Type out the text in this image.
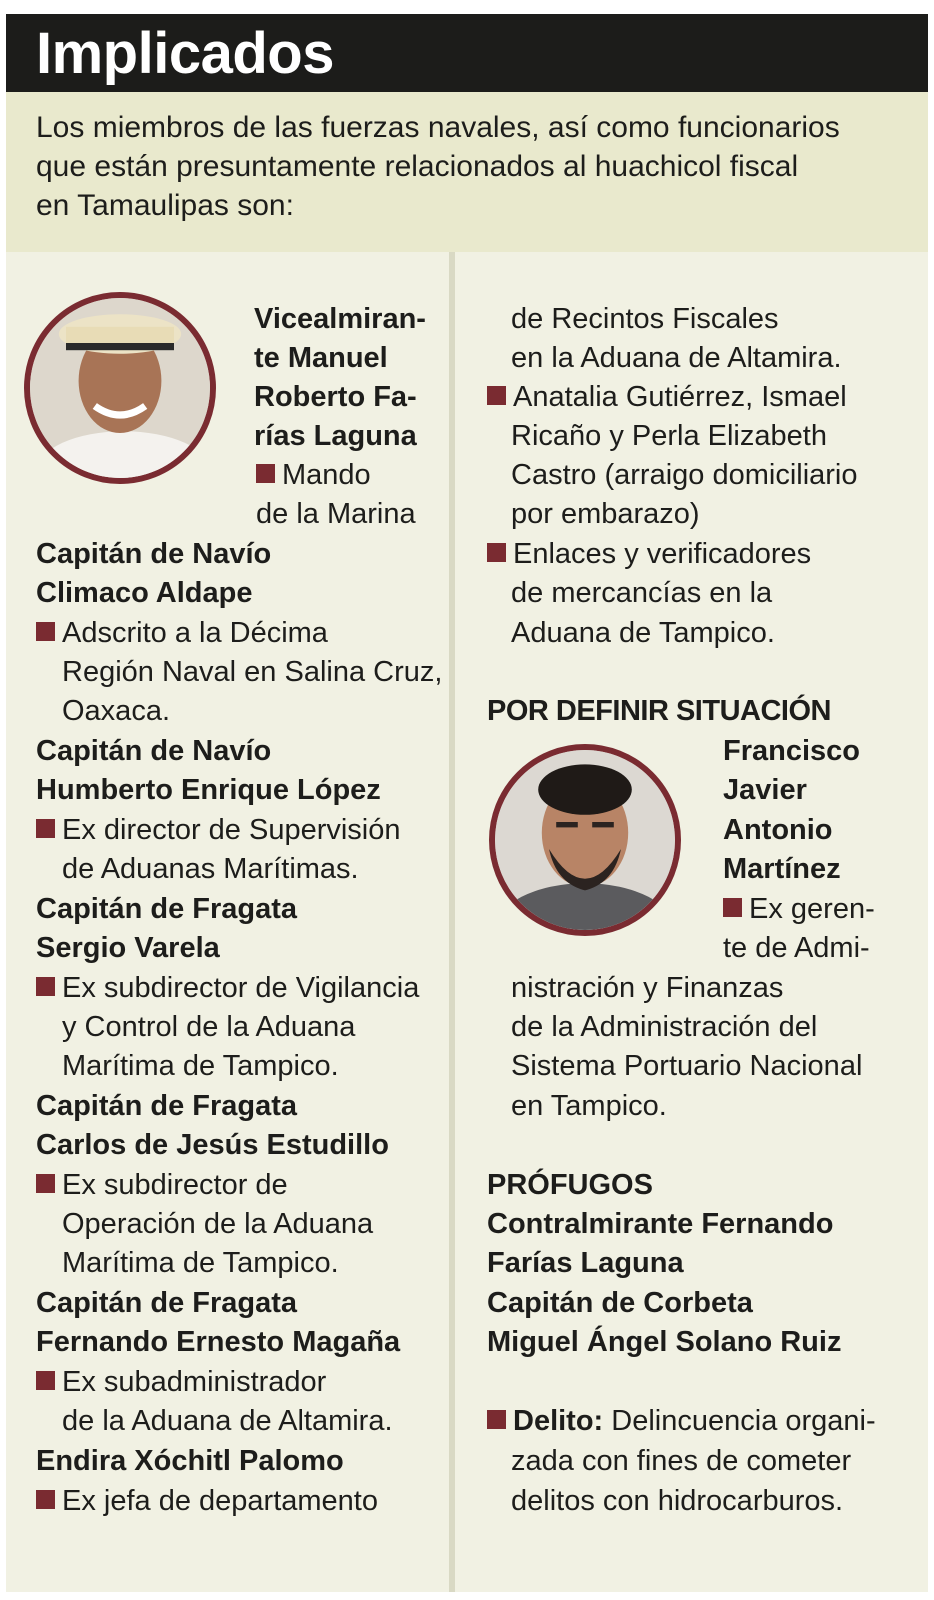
Implicados
Los miembros de las fuerzas navales, así como funcionarios
que están presuntamente relacionados al huachicol fiscal
en Tamaulipas son:
Vicealmiran-
te Manuel
Roberto Fa-
rías Laguna
Mando
de la Marina
Capitán de Navío
Climaco Aldape
Adscrito a la Décima
Región Naval en Salina Cruz,
Oaxaca.
Capitán de Navío
Humberto Enrique López
Ex director de Supervisión
de Aduanas Marítimas.
Capitán de Fragata
Sergio Varela
Ex subdirector de Vigilancia
y Control de la Aduana
Marítima de Tampico.
Capitán de Fragata
Carlos de Jesús Estudillo
Ex subdirector de
Operación de la Aduana
Marítima de Tampico.
Capitán de Fragata
Fernando Ernesto Magaña
Ex subadministrador
de la Aduana de Altamira.
Endira Xóchitl Palomo
Ex jefa de departamento
de Recintos Fiscales
en la Aduana de Altamira.
Anatalia Gutiérrez, Ismael
Ricaño y Perla Elizabeth
Castro (arraigo domiciliario
por embarazo)
Enlaces y verificadores
de mercancías en la
Aduana de Tampico.
POR DEFINIR SITUACIÓN
Francisco
Javier
Antonio
Martínez
Ex geren-
te de Admi-
nistración y Finanzas
de la Administración del
Sistema Portuario Nacional
en Tampico.
PRÓFUGOS
Contralmirante Fernando
Farías Laguna
Capitán de Corbeta
Miguel Ángel Solano Ruiz
Delito: Delincuencia organi-
zada con fines de cometer
delitos con hidrocarburos.
